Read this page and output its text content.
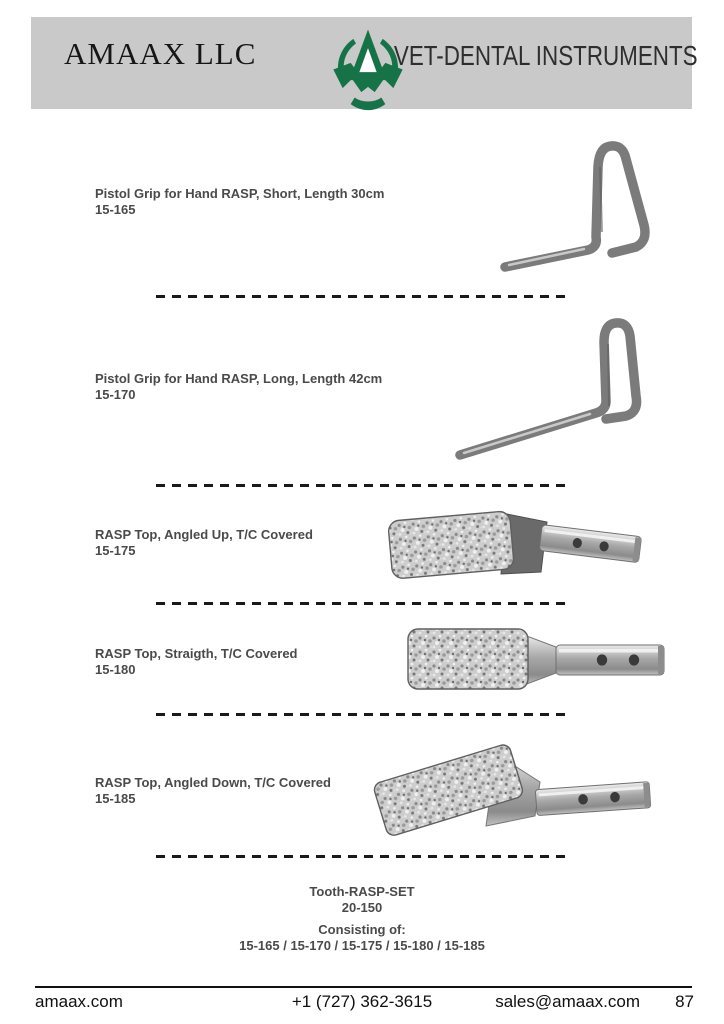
AMAAX LLC	VET-DENTAL INSTRUMENTS
Pistol Grip for Hand RASP, Short, Length 30cm
15-165
Pistol Grip for Hand RASP, Long, Length 42cm
15-170
RASP Top, Angled Up, T/C Covered
15-175
RASP Top, Straigth, T/C Covered
15-180
RASP Top, Angled Down, T/C Covered
15-185
Tooth-RASP-SET
20-150
Consisting of:
15-165 / 15-170 / 15-175 / 15-180 / 15-185
amaax.com	+1 (727) 362-3615	sales@amaax.com 87
